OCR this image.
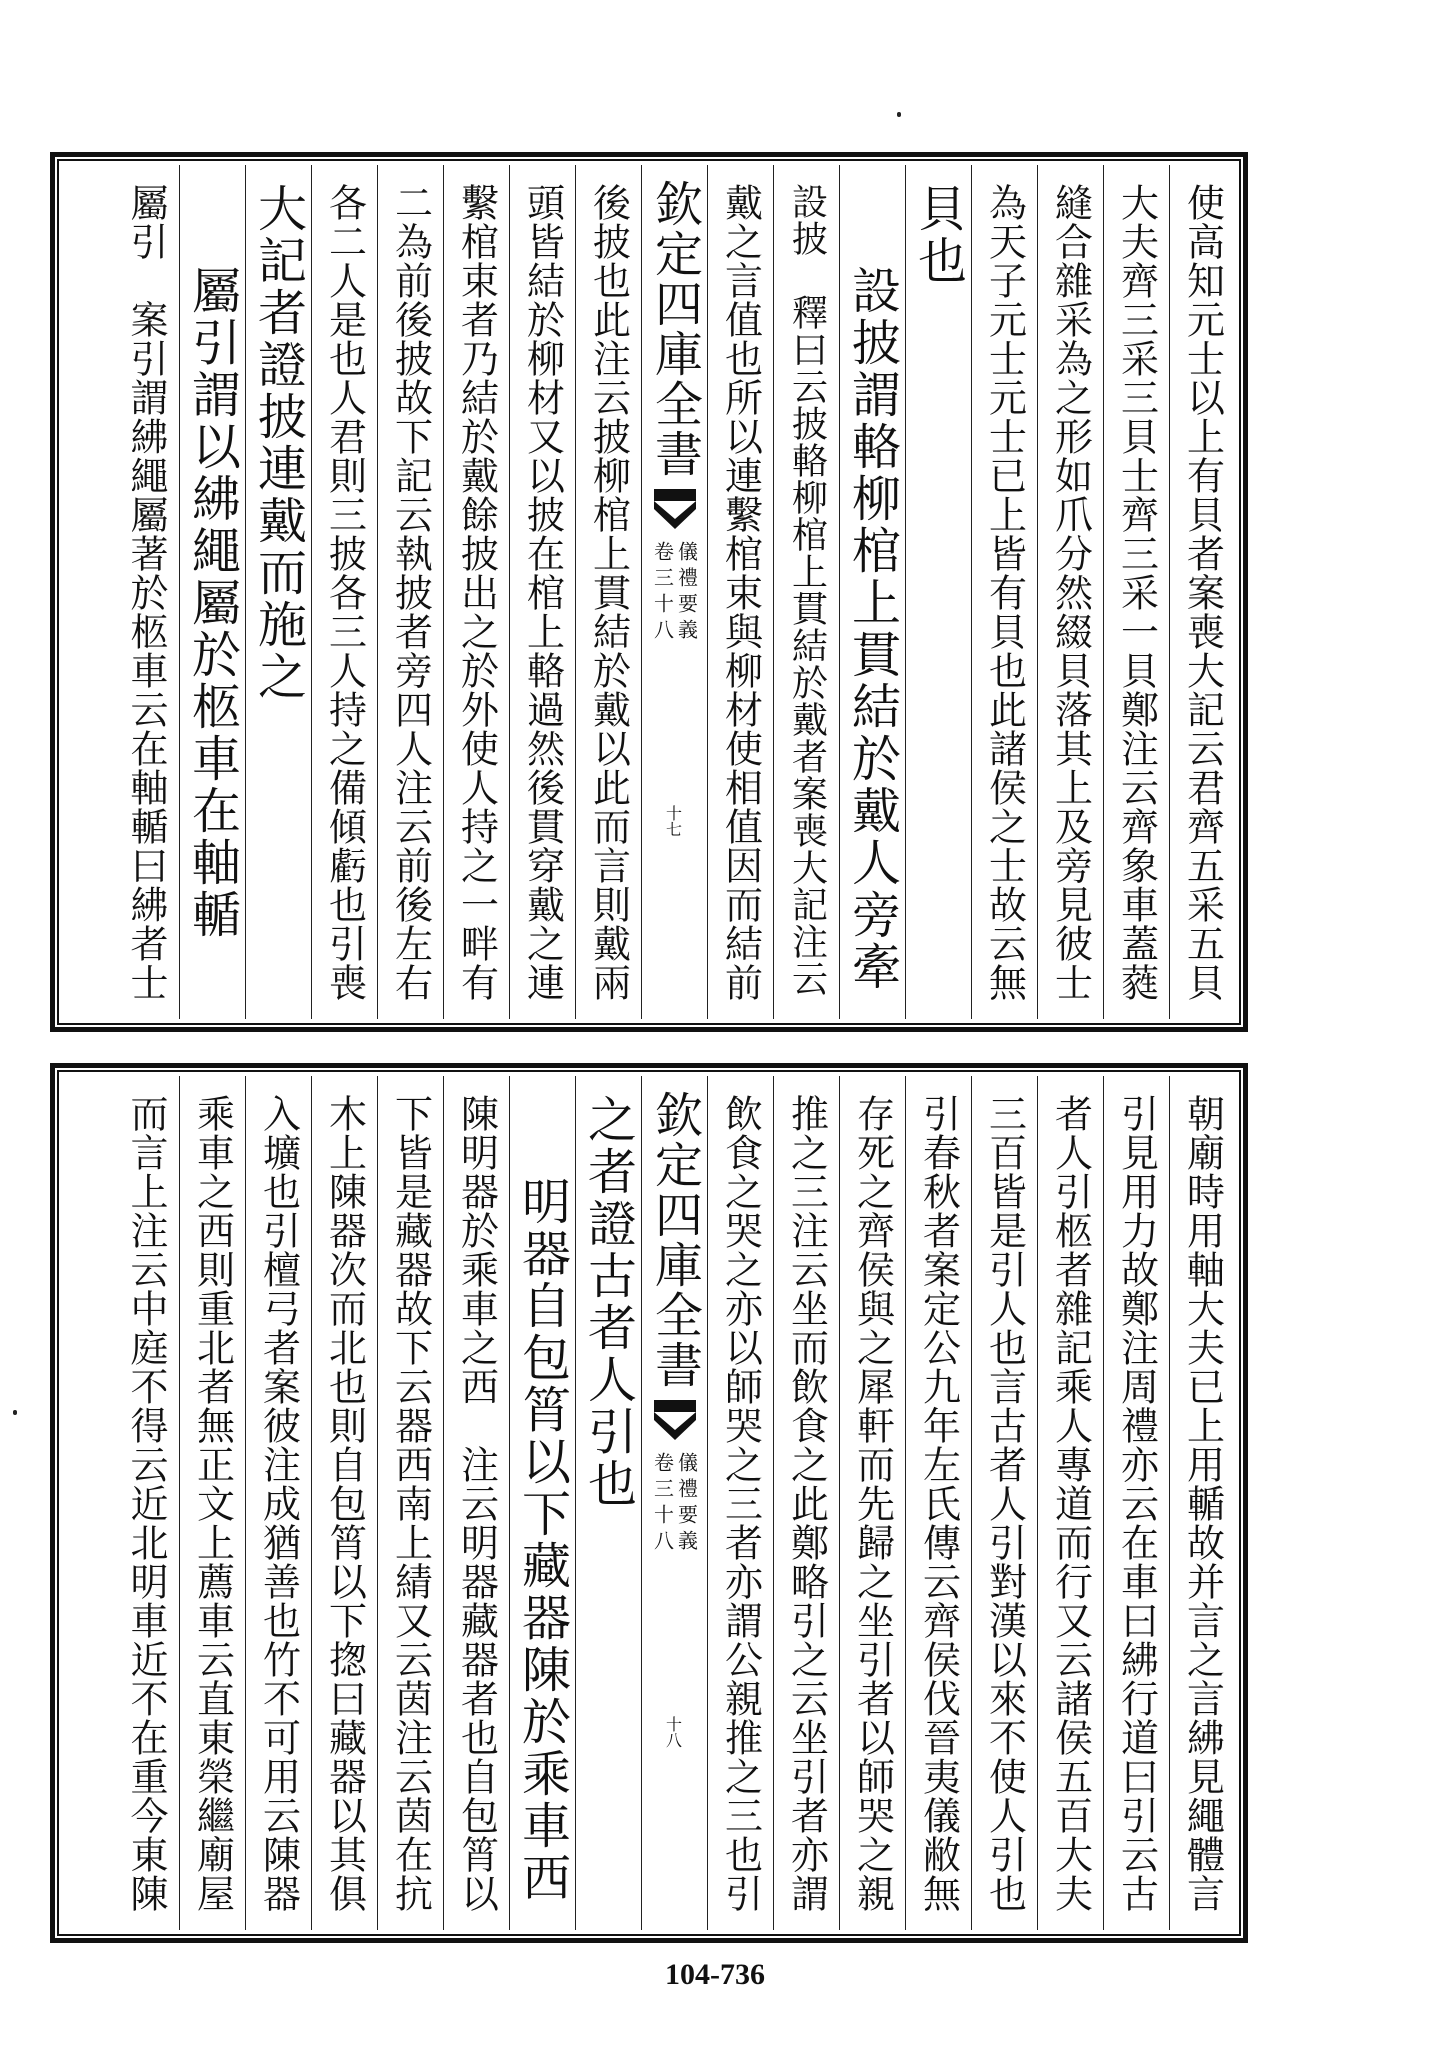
使高知元士以上有貝者案喪大記云君齊五采五貝
大夫齊三采三貝士齊三采一貝鄭注云齊象車蓋蕤
縫合雜采為之形如爪分然綴貝落其上及旁見彼士
為天子元士元士已上皆有貝也此諸侯之士故云無
貝也
設披謂輅柳棺上貫結於戴人旁牽
設披　釋曰云披輅柳棺上貫結於戴者案喪大記注云
戴之言值也所以連繫棺束與柳材使相值因而結前
欽定四庫全書
儀禮要義
卷三十八
十七
後披也此注云披柳棺上貫結於戴以此而言則戴兩
頭皆結於柳材又以披在棺上輅過然後貫穿戴之連
繫棺束者乃結於戴餘披出之於外使人持之一畔有
二為前後披故下記云執披者旁四人注云前後左右
各二人是也人君則三披各三人持之備傾虧也引喪
大記者證披連戴而施之
屬引謂以紼繩屬於柩車在軸輴
屬引　案引謂紼繩屬著於柩車云在軸輴曰紼者士
朝廟時用軸大夫已上用輴故并言之言紼見繩體言
引見用力故鄭注周禮亦云在車曰紼行道曰引云古
者人引柩者雜記乘人專道而行又云諸侯五百大夫
三百皆是引人也言古者人引對漢以來不使人引也
引春秋者案定公九年左氏傳云齊侯伐晉夷儀敝無
存死之齊侯與之犀軒而先歸之坐引者以師哭之親
推之三注云坐而飲食之此鄭略引之云坐引者亦謂
飲食之哭之亦以師哭之三者亦謂公親推之三也引
欽定四庫全書
儀禮要義
卷三十八
十八
之者證古者人引也
明器自包筲以下藏器陳於乘車西
陳明器於乘車之西　注云明器藏器者也自包筲以
下皆是藏器故下云器西南上綪又云茵注云茵在抗
木上陳器次而北也則自包筲以下揔曰藏器以其俱
入壙也引檀弓者案彼注成猶善也竹不可用云陳器
乘車之西則重北者無正文上薦車云直東榮繼廟屋
而言上注云中庭不得云近北明車近不在重今東陳
104-736
